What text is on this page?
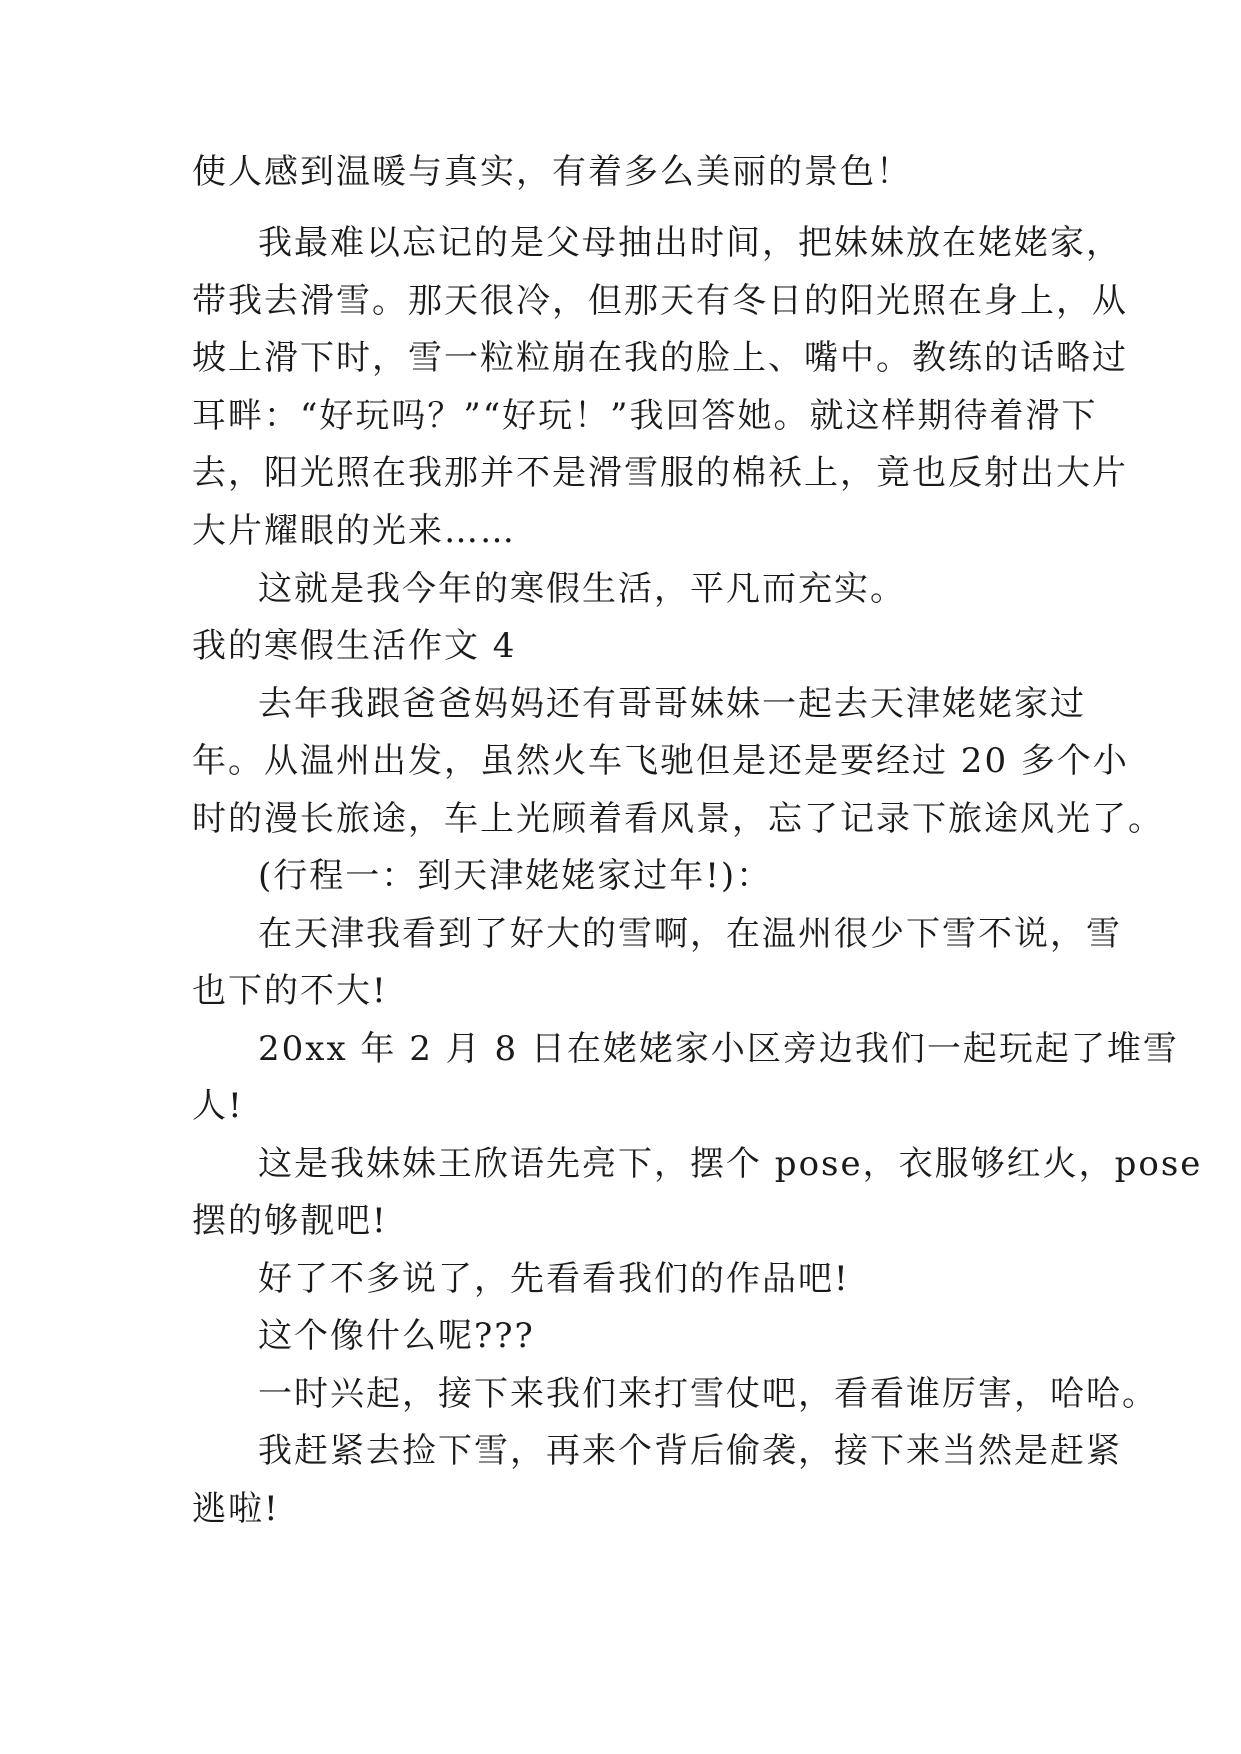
使人感到温暖与真实，有着多么美丽的景色！
我最难以忘记的是父母抽出时间，把妹妹放在姥姥家，
带我去滑雪。那天很冷，但那天有冬日的阳光照在身上，从
坡上滑下时，雪一粒粒崩在我的脸上、嘴中。教练的话略过
耳畔：“好玩吗？”“好玩！”我回答她。就这样期待着滑下
去，阳光照在我那并不是滑雪服的棉袄上，竟也反射出大片
大片耀眼的光来……
这就是我今年的寒假生活，平凡而充实。
我的寒假生活作文 4
去年我跟爸爸妈妈还有哥哥妹妹一起去天津姥姥家过
年。从温州出发，虽然火车飞驰但是还是要经过 20 多个小
时的漫长旅途，车上光顾着看风景，忘了记录下旅途风光了。
(行程一：到天津姥姥家过年!)：
在天津我看到了好大的雪啊，在温州很少下雪不说，雪
也下的不大!
20xx 年 2 月 8 日在姥姥家小区旁边我们一起玩起了堆雪
人!
这是我妹妹王欣语先亮下，摆个 pose，衣服够红火，pose
摆的够靓吧!
好了不多说了，先看看我们的作品吧!
这个像什么呢???
一时兴起，接下来我们来打雪仗吧，看看谁厉害，哈哈。
我赶紧去捡下雪，再来个背后偷袭，接下来当然是赶紧
逃啦!
